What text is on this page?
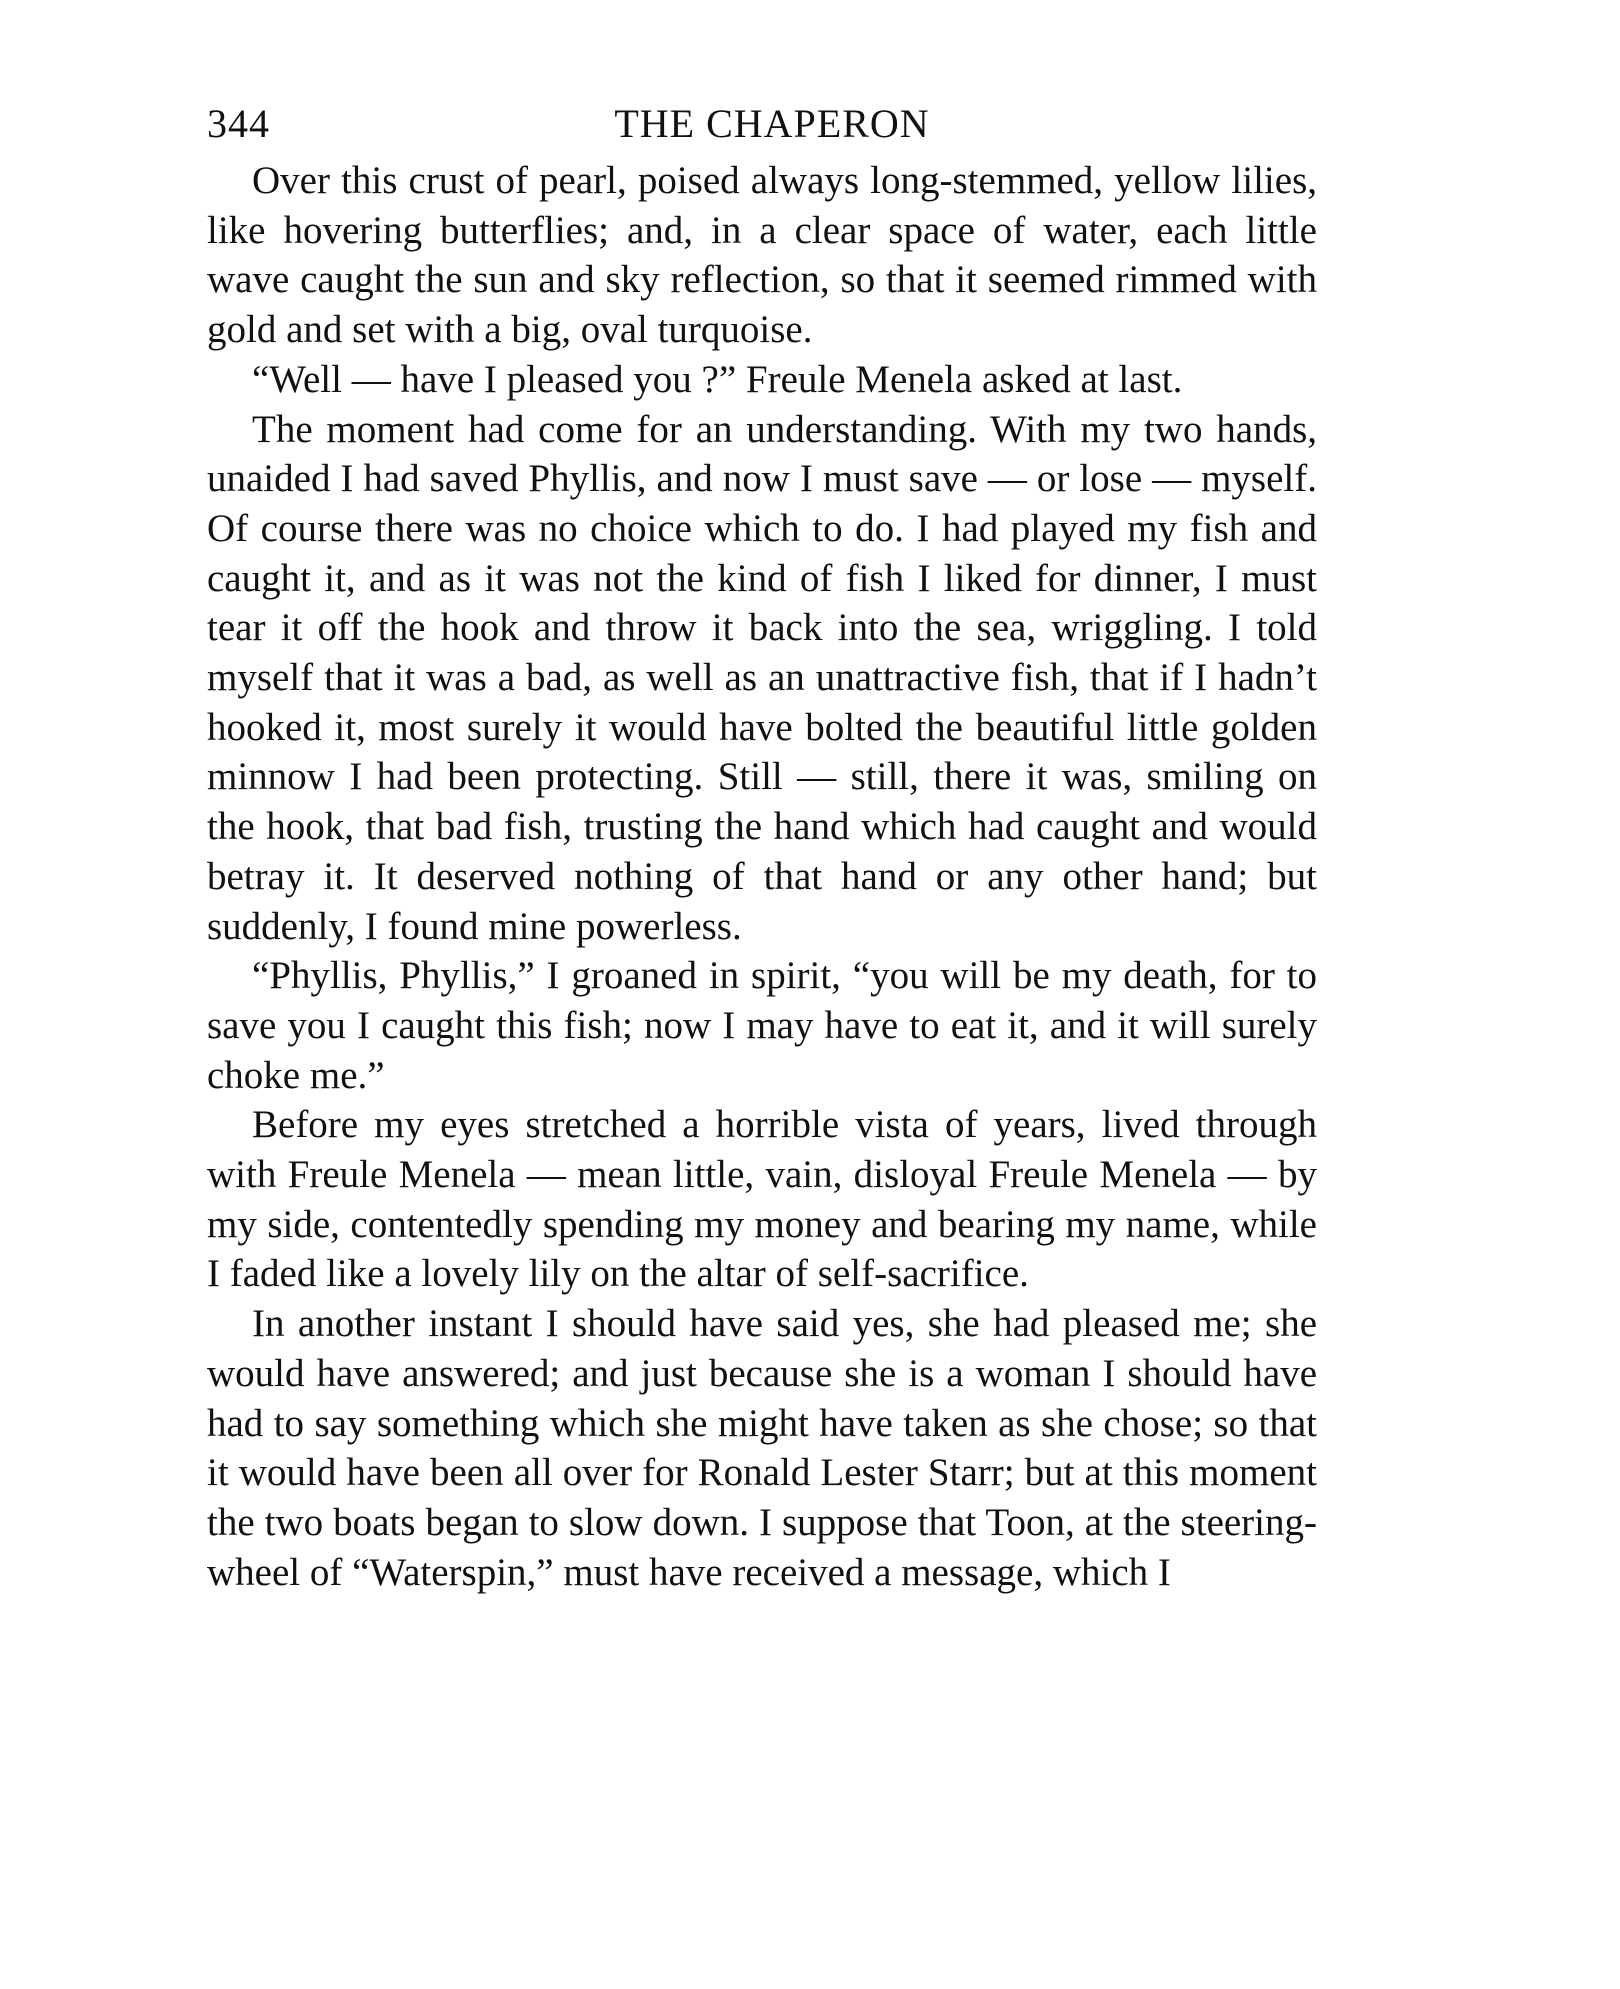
344	THE CHAPERON

Over this crust of pearl, poised always long-stemmed, yellow lilies, like hovering butterflies; and, in a clear space of water, each little wave caught the sun and sky reflection, so that it seemed rimmed with gold and set with a big, oval turquoise.

“Well — have I pleased you ?” Freule Menela asked at last.

The moment had come for an understanding. With my two hands, unaided I had saved Phyllis, and now I must save — or lose — myself. Of course there was no choice which to do. I had played my fish and caught it, and as it was not the kind of fish I liked for dinner, I must tear it off the hook and throw it back into the sea, wriggling. I told myself that it was a bad, as well as an unattractive fish, that if I hadn’t hooked it, most surely it would have bolted the beautiful little golden minnow I had been protecting. Still — still, there it was, smiling on the hook, that bad fish, trusting the hand which had caught and would betray it. It deserved nothing of that hand or any other hand; but suddenly, I found mine powerless.

“Phyllis, Phyllis,” I groaned in spirit, “you will be my death, for to save you I caught this fish; now I may have to eat it, and it will surely choke me.”

Before my eyes stretched a horrible vista of years, lived through with Freule Menela — mean little, vain, disloyal Freule Menela — by my side, contentedly spending my money and bearing my name, while I faded like a lovely lily on the altar of self-sacrifice.

In another instant I should have said yes, she had pleased me; she would have answered; and just because she is a woman I should have had to say something which she might have taken as she chose; so that it would have been all over for Ronald Lester Starr; but at this moment the two boats began to slow down. I suppose that Toon, at the steering-wheel of “Waterspin,” must have received a message, which I
